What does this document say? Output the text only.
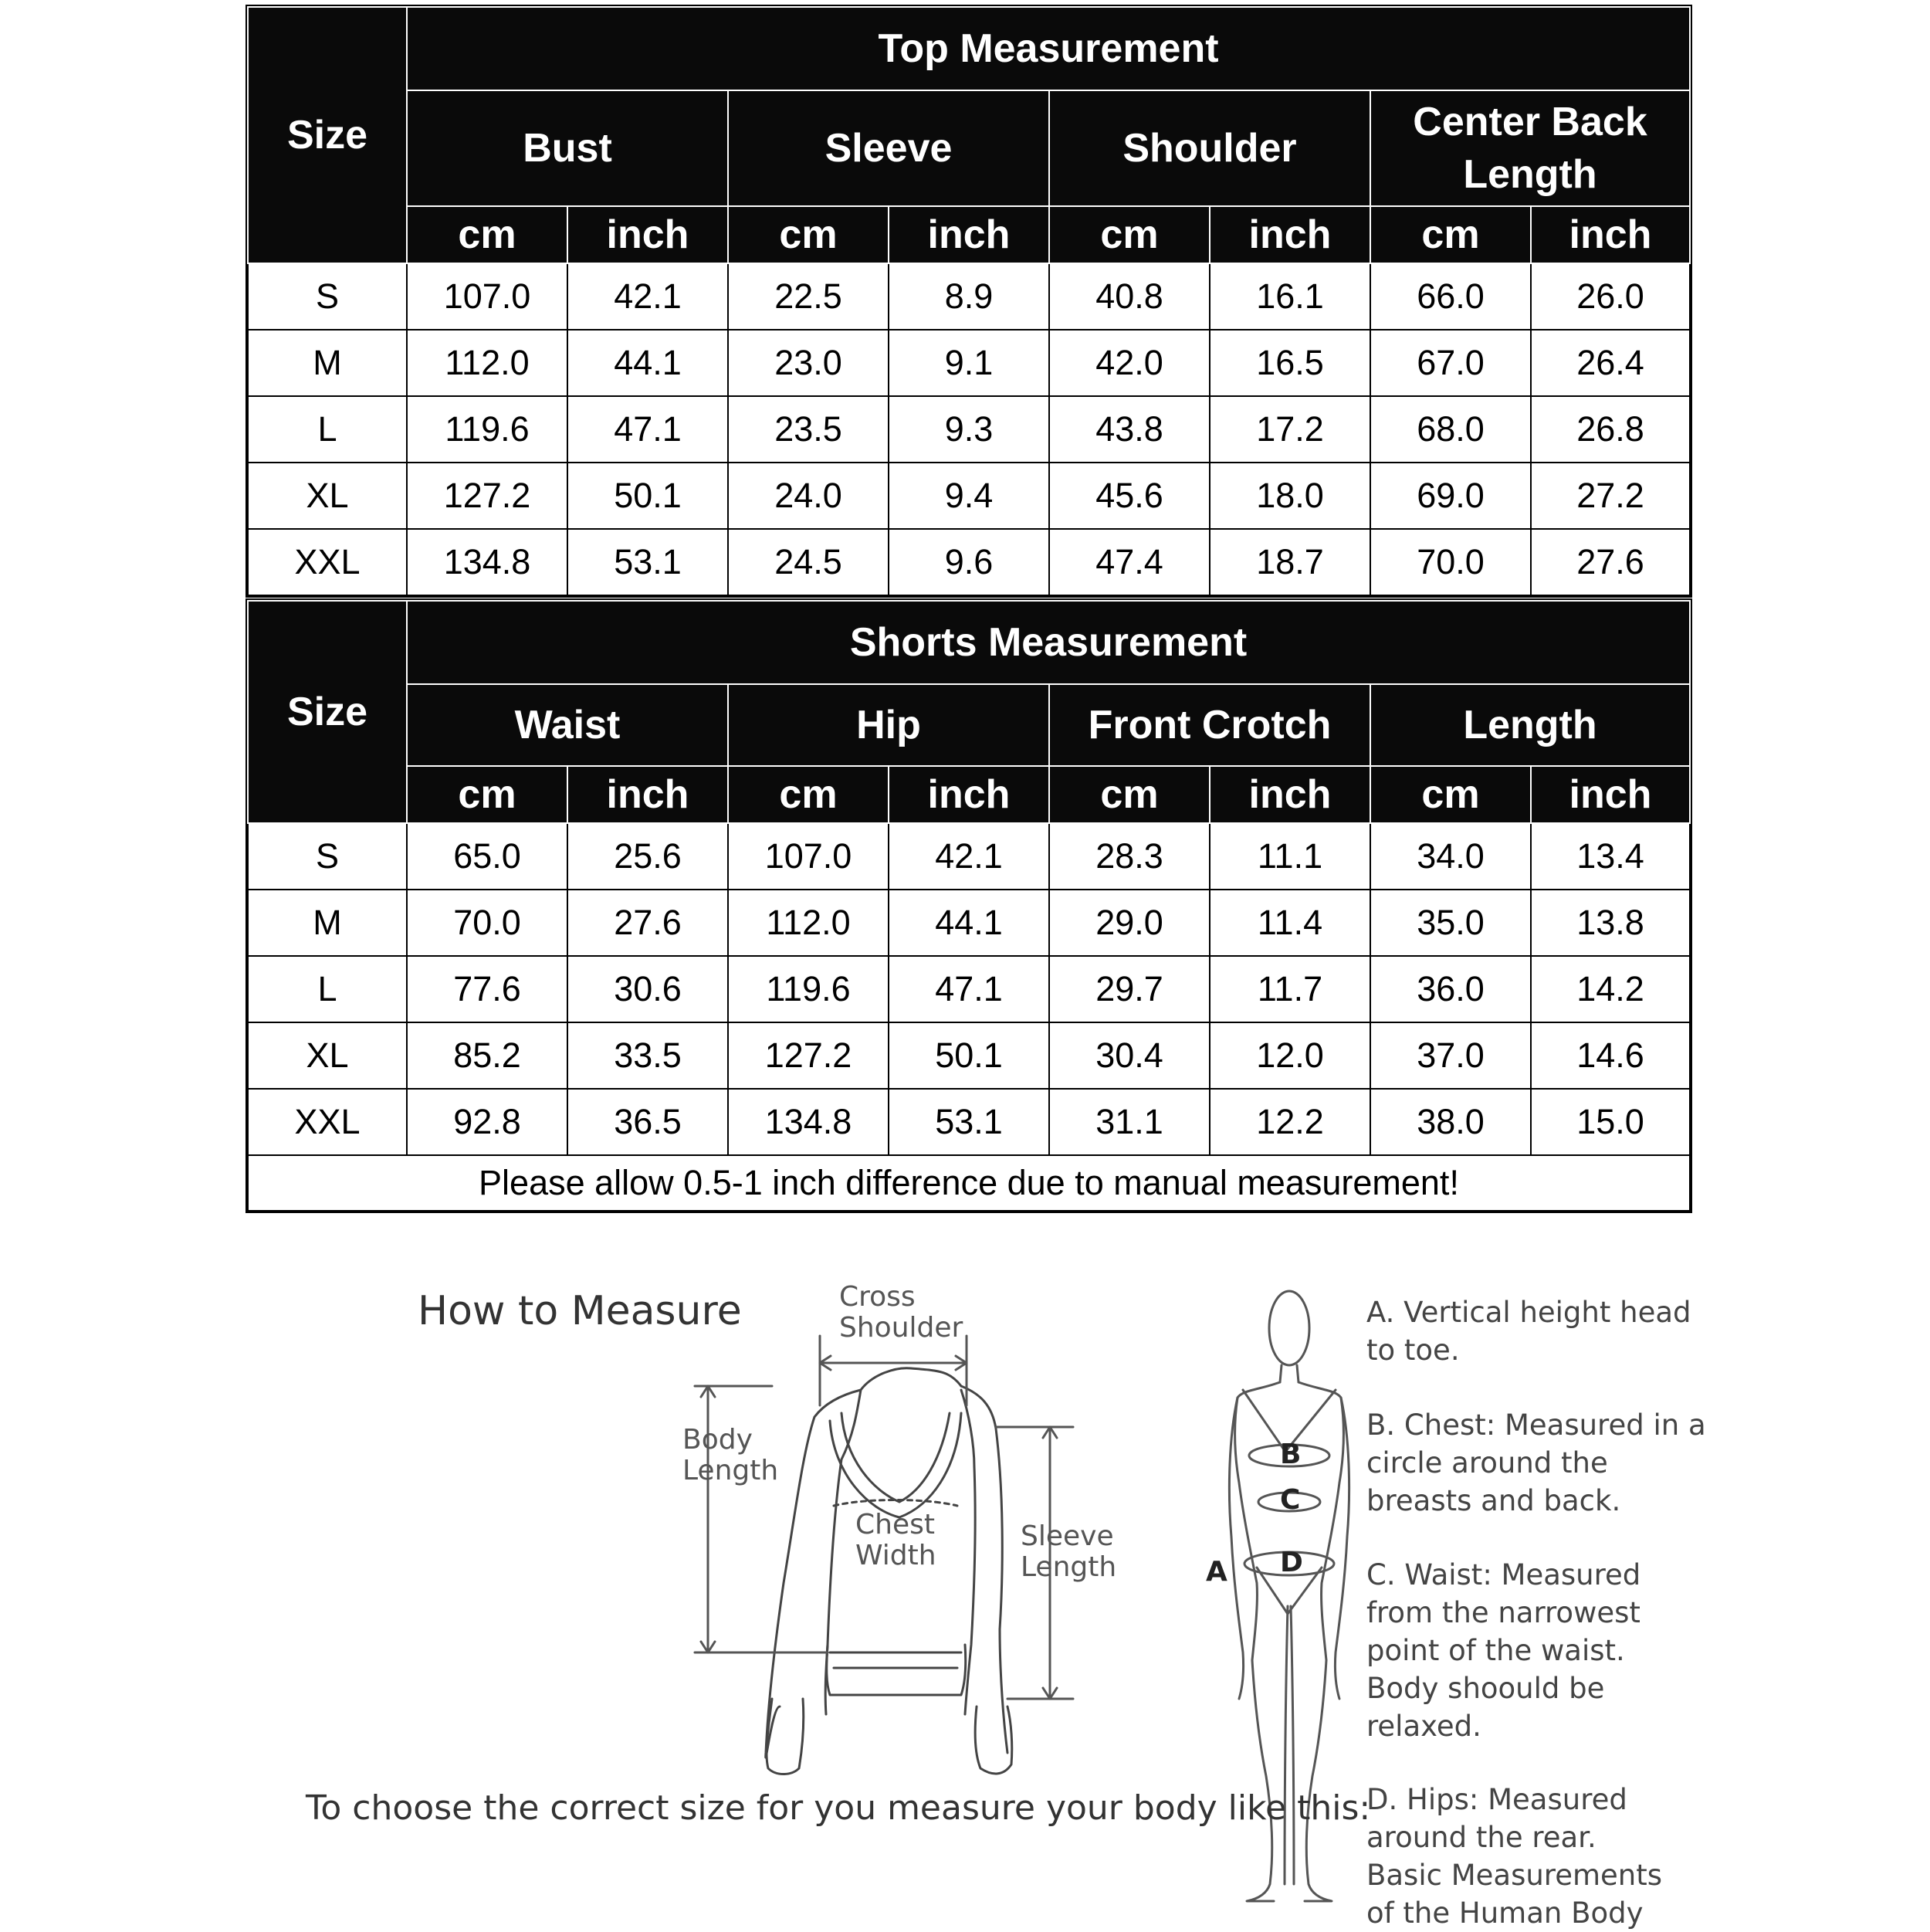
Size	Top Measurement							
	Bust		Sleeve		Shoulder		Center Back Length	
	cm	inch	cm	inch	cm	inch	cm	inch
S	107.0	42.1	22.5	8.9	40.8	16.1	66.0	26.0
M	112.0	44.1	23.0	9.1	42.0	16.5	67.0	26.4
L	119.6	47.1	23.5	9.3	43.8	17.2	68.0	26.8
XL	127.2	50.1	24.0	9.4	45.6	18.0	69.0	27.2
XXL	134.8	53.1	24.5	9.6	47.4	18.7	70.0	27.6
Size	Shorts Measurement							
	Waist		Hip		Front Crotch		Length	
	cm	inch	cm	inch	cm	inch	cm	inch
S	65.0	25.6	107.0	42.1	28.3	11.1	34.0	13.4
M	70.0	27.6	112.0	44.1	29.0	11.4	35.0	13.8
L	77.6	30.6	119.6	47.1	29.7	11.7	36.0	14.2
XL	85.2	33.5	127.2	50.1	30.4	12.0	37.0	14.6
XXL	92.8	36.5	134.8	53.1	31.1	12.2	38.0	15.0
Please allow 0.5-1 inch difference due to manual measurement!								
How to Measure	Cross
Shoulder
Body
Length
Chest
Width
Sleeve
Length
To choose the correct size for you measure your body like this:
A
B
C
D
A. Vertical height head
to toe.
B. Chest: Measured in a
circle around the
breasts and back.
C. Waist: Measured
from the narrowest
point of the waist.
Body shoould be
relaxed.
D. Hips: Measured
around the rear.
Basic Measurements
of the Human Body
